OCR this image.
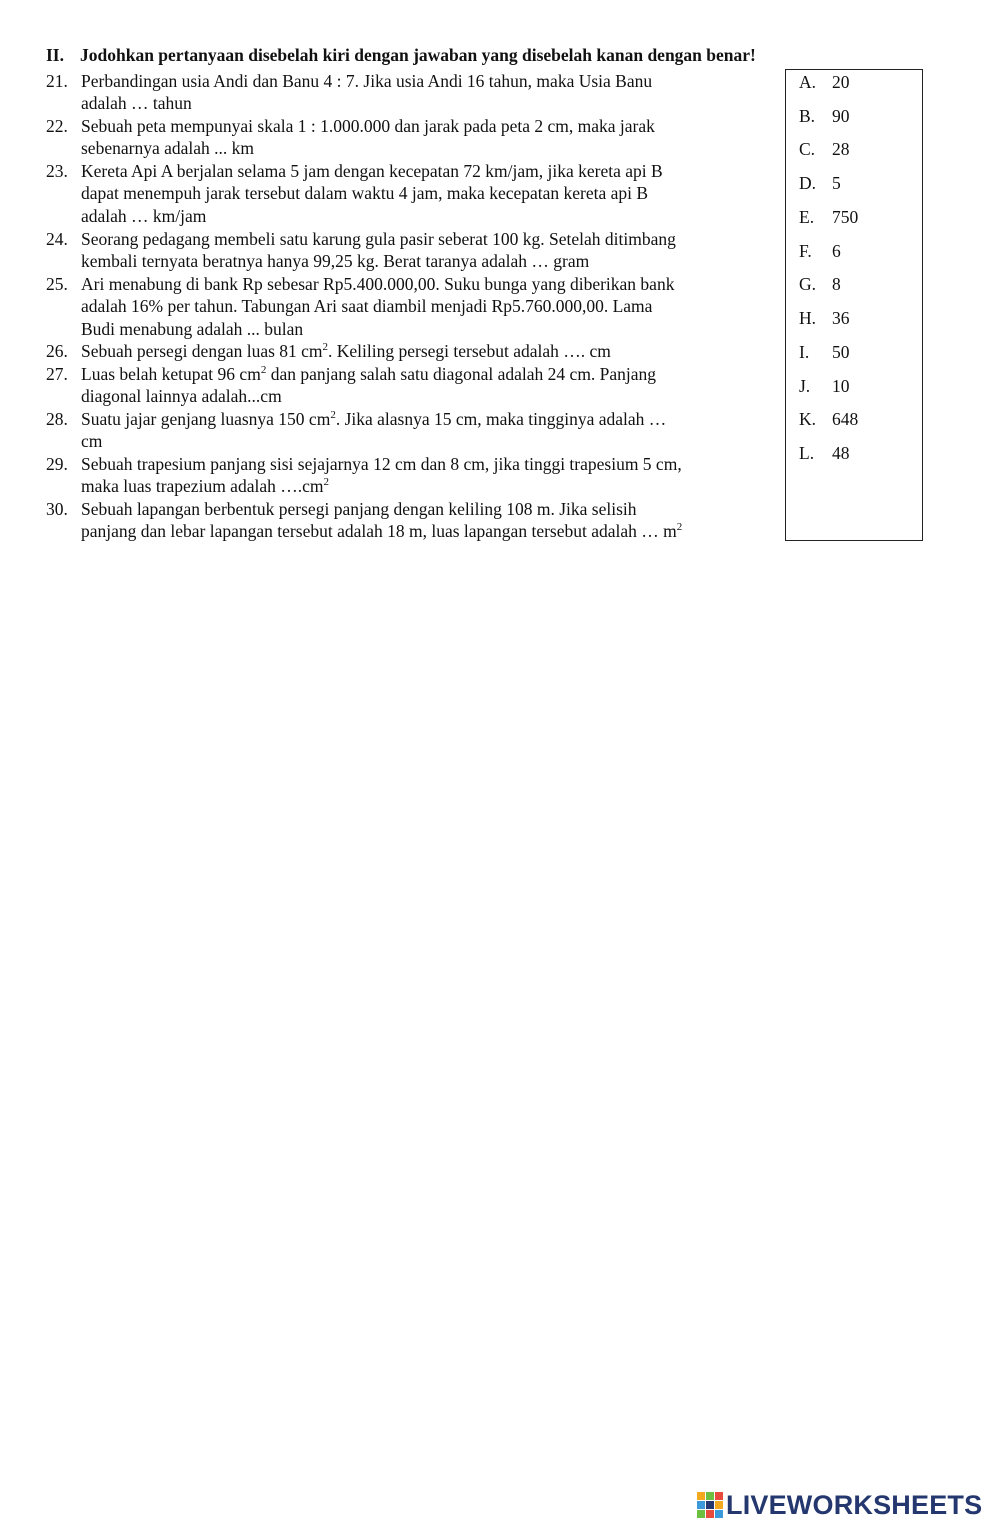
II. Jodohkan pertanyaan disebelah kiri dengan jawaban yang disebelah kanan dengan benar!
21. Perbandingan usia Andi dan Banu 4 : 7. Jika usia Andi 16 tahun, maka Usia Banu
adalah … tahun
22. Sebuah peta mempunyai skala 1 : 1.000.000 dan jarak pada peta 2 cm, maka jarak
sebenarnya adalah ... km
23. Kereta Api A berjalan selama 5 jam dengan kecepatan 72 km/jam, jika kereta api B
dapat menempuh jarak tersebut dalam waktu 4 jam, maka kecepatan kereta api B
adalah … km/jam
24. Seorang pedagang membeli satu karung gula pasir seberat 100 kg. Setelah ditimbang
kembali ternyata beratnya hanya 99,25 kg. Berat taranya adalah … gram
25. Ari menabung di bank Rp sebesar Rp5.400.000,00. Suku bunga yang diberikan bank
adalah 16% per tahun. Tabungan Ari saat diambil menjadi Rp5.760.000,00. Lama
Budi menabung adalah ... bulan
26. Sebuah persegi dengan luas 81 $cm^2$. Keliling persegi tersebut adalah …. cm
27. Luas belah ketupat 96 $cm^2$ dan panjang salah satu diagonal adalah 24 cm. Panjang
diagonal lainnya adalah...cm
28. Suatu jajar genjang luasnya 150 $cm^2$. Jika alasnya 15 cm, maka tingginya adalah …
cm
29. Sebuah trapesium panjang sisi sejajarnya 12 cm dan 8 cm, jika tinggi trapesium 5 cm,
maka luas trapezium adalah $\dots.cm^2$
30. Sebuah lapangan berbentuk persegi panjang dengan keliling 108 m. Jika selisih
panjang dan lebar lapangan tersebut adalah 18 m, luas lapangan tersebut adalah … $m^2$
A. 20
B. 90
C. 28
D. 5
E. 750
F. 6
G. 8
H. 36
I. 50
J. 10
K. 648
L. 48
LIVEWORKSHEETS
